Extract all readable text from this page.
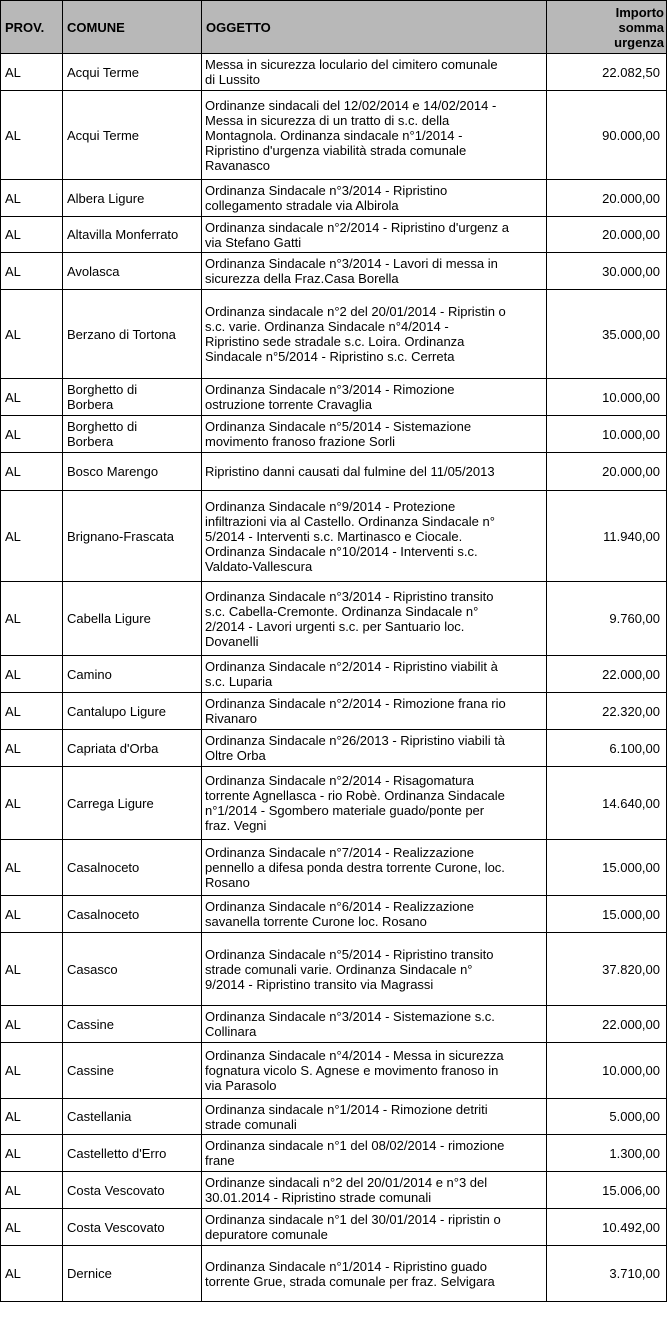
PROV.	COMUNE	OGGETTO	Importo
somma
urgenza
AL	Acqui Terme	Messa in sicurezza loculario del cimitero comunale
di Lussito	22.082,50
AL	Acqui Terme	Ordinanze sindacali del 12/02/2014 e 14/02/2014 -
Messa in sicurezza di un tratto di s.c. della
Montagnola. Ordinanza sindacale n°1/2014 -
Ripristino d'urgenza viabilità strada comunale
Ravanasco	90.000,00
AL	Albera Ligure	Ordinanza Sindacale n°3/2014 - Ripristino
collegamento stradale via Albirola	20.000,00
AL	Altavilla Monferrato	Ordinanza sindacale n°2/2014 - Ripristino d'urgenz a
via Stefano Gatti	20.000,00
AL	Avolasca	Ordinanza Sindacale n°3/2014 - Lavori di messa in
sicurezza della Fraz.Casa Borella	30.000,00
AL	Berzano di Tortona	Ordinanza sindacale n°2 del 20/01/2014 - Ripristin o
s.c. varie. Ordinanza Sindacale n°4/2014 -
Ripristino sede stradale s.c. Loira. Ordinanza
Sindacale n°5/2014 - Ripristino s.c. Cerreta	35.000,00
AL	Borghetto di
Borbera	Ordinanza Sindacale n°3/2014 - Rimozione
ostruzione torrente Cravaglia	10.000,00
AL	Borghetto di
Borbera	Ordinanza Sindacale n°5/2014 - Sistemazione
movimento franoso frazione Sorli	10.000,00
AL	Bosco Marengo	Ripristino danni causati dal fulmine del 11/05/2013	20.000,00
AL	Brignano-Frascata	Ordinanza Sindacale n°9/2014 - Protezione
infiltrazioni via al Castello. Ordinanza Sindacale n°
5/2014 - Interventi s.c. Martinasco e Ciocale.
Ordinanza Sindacale n°10/2014 - Interventi s.c.
Valdato-Vallescura	11.940,00
AL	Cabella Ligure	Ordinanza Sindacale n°3/2014 - Ripristino transito
s.c. Cabella-Cremonte. Ordinanza Sindacale n°
2/2014 - Lavori urgenti s.c. per Santuario loc.
Dovanelli	9.760,00
AL	Camino	Ordinanza Sindacale n°2/2014 - Ripristino viabilit à
s.c. Luparia	22.000,00
AL	Cantalupo Ligure	Ordinanza Sindacale n°2/2014 - Rimozione frana rio
Rivanaro	22.320,00
AL	Capriata d'Orba	Ordinanza Sindacale n°26/2013 - Ripristino viabili tà
Oltre Orba	6.100,00
AL	Carrega Ligure	Ordinanza Sindacale n°2/2014 - Risagomatura
torrente Agnellasca - rio Robè. Ordinanza Sindacale
n°1/2014 - Sgombero materiale guado/ponte per
fraz. Vegni	14.640,00
AL	Casalnoceto	Ordinanza Sindacale n°7/2014 - Realizzazione
pennello a difesa ponda destra torrente Curone, loc.
Rosano	15.000,00
AL	Casalnoceto	Ordinanza Sindacale n°6/2014 - Realizzazione
savanella torrente Curone loc. Rosano	15.000,00
AL	Casasco	Ordinanza Sindacale n°5/2014 - Ripristino transito
strade comunali varie. Ordinanza Sindacale n°
9/2014 - Ripristino transito via Magrassi	37.820,00
AL	Cassine	Ordinanza Sindacale n°3/2014 - Sistemazione s.c.
Collinara	22.000,00
AL	Cassine	Ordinanza Sindacale n°4/2014 - Messa in sicurezza
fognatura vicolo S. Agnese e movimento franoso in
via Parasolo	10.000,00
AL	Castellania	Ordinanza sindacale n°1/2014 - Rimozione detriti
strade comunali	5.000,00
AL	Castelletto d'Erro	Ordinanza sindacale n°1 del 08/02/2014 - rimozione
frane	1.300,00
AL	Costa Vescovato	Ordinanze sindacali n°2 del 20/01/2014 e n°3 del
30.01.2014 - Ripristino strade comunali	15.006,00
AL	Costa Vescovato	Ordinanza sindacale n°1 del 30/01/2014 - ripristin o
depuratore comunale	10.492,00
AL	Dernice	Ordinanza Sindacale n°1/2014 - Ripristino guado
torrente Grue, strada comunale per fraz. Selvigara	3.710,00
